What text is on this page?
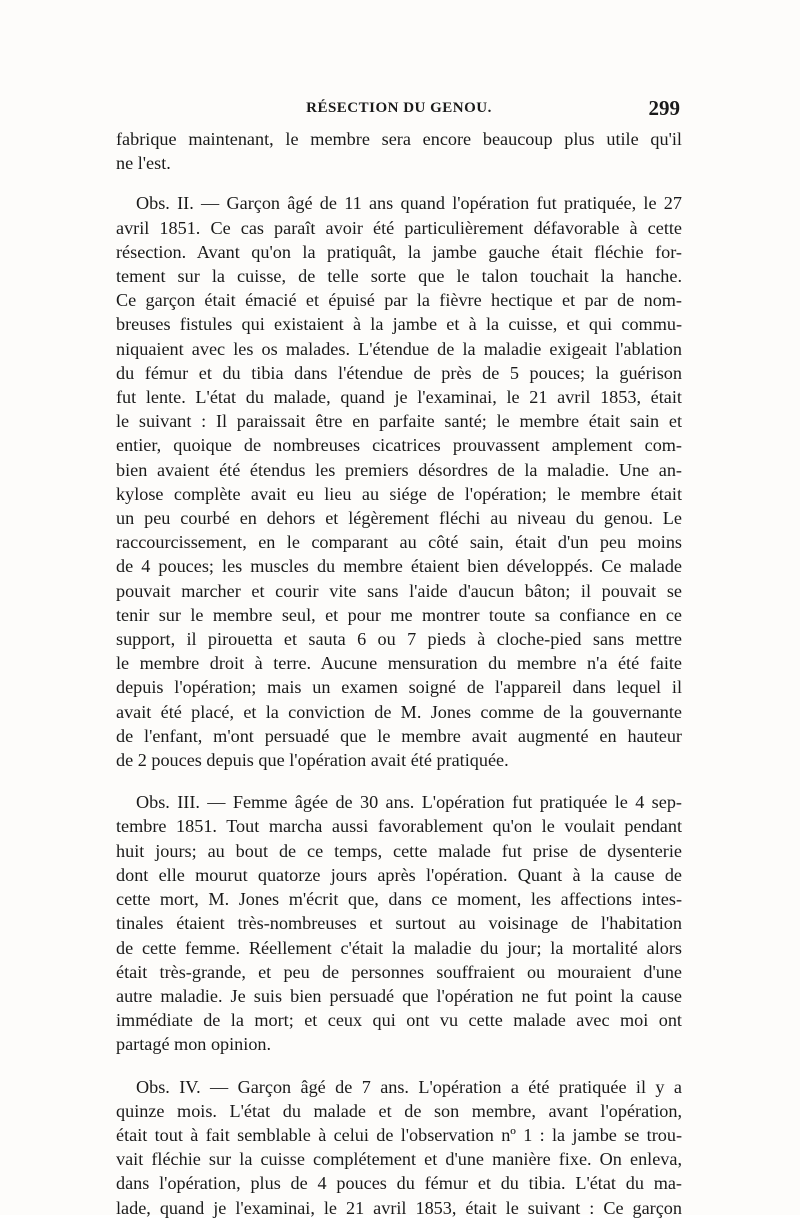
RÉSECTION DU GENOU.	299

fabrique maintenant, le membre sera encore beaucoup plus utile qu'il
ne l'est.

Obs. II. — Garçon âgé de 11 ans quand l'opération fut pratiquée, le 27
avril 1851. Ce cas paraît avoir été particulièrement défavorable à cette
résection. Avant qu'on la pratiquât, la jambe gauche était fléchie for-
tement sur la cuisse, de telle sorte que le talon touchait la hanche.
Ce garçon était émacié et épuisé par la fièvre hectique et par de nom-
breuses fistules qui existaient à la jambe et à la cuisse, et qui commu-
niquaient avec les os malades. L'étendue de la maladie exigeait l'ablation
du fémur et du tibia dans l'étendue de près de 5 pouces; la guérison
fut lente. L'état du malade, quand je l'examinai, le 21 avril 1853, était
le suivant : Il paraissait être en parfaite santé; le membre était sain et
entier, quoique de nombreuses cicatrices prouvassent amplement com-
bien avaient été étendus les premiers désordres de la maladie. Une an-
kylose complète avait eu lieu au siége de l'opération; le membre était
un peu courbé en dehors et légèrement fléchi au niveau du genou. Le
raccourcissement, en le comparant au côté sain, était d'un peu moins
de 4 pouces; les muscles du membre étaient bien développés. Ce malade
pouvait marcher et courir vite sans l'aide d'aucun bâton; il pouvait se
tenir sur le membre seul, et pour me montrer toute sa confiance en ce
support, il pirouetta et sauta 6 ou 7 pieds à cloche-pied sans mettre
le membre droit à terre. Aucune mensuration du membre n'a été faite
depuis l'opération; mais un examen soigné de l'appareil dans lequel il
avait été placé, et la conviction de M. Jones comme de la gouvernante
de l'enfant, m'ont persuadé que le membre avait augmenté en hauteur
de 2 pouces depuis que l'opération avait été pratiquée.

Obs. III. — Femme âgée de 30 ans. L'opération fut pratiquée le 4 sep-
tembre 1851. Tout marcha aussi favorablement qu'on le voulait pendant
huit jours; au bout de ce temps, cette malade fut prise de dysenterie
dont elle mourut quatorze jours après l'opération. Quant à la cause de
cette mort, M. Jones m'écrit que, dans ce moment, les affections intes-
tinales étaient très-nombreuses et surtout au voisinage de l'habitation
de cette femme. Réellement c'était la maladie du jour; la mortalité alors
était très-grande, et peu de personnes souffraient ou mouraient d'une
autre maladie. Je suis bien persuadé que l'opération ne fut point la cause
immédiate de la mort; et ceux qui ont vu cette malade avec moi ont
partagé mon opinion.

Obs. IV. — Garçon âgé de 7 ans. L'opération a été pratiquée il y a
quinze mois. L'état du malade et de son membre, avant l'opération,
était tout à fait semblable à celui de l'observation nº 1 : la jambe se trou-
vait fléchie sur la cuisse complétement et d'une manière fixe. On enleva,
dans l'opération, plus de 4 pouces du fémur et du tibia. L'état du ma-
lade, quand je l'examinai, le 21 avril 1853, était le suivant : Ce garçon
